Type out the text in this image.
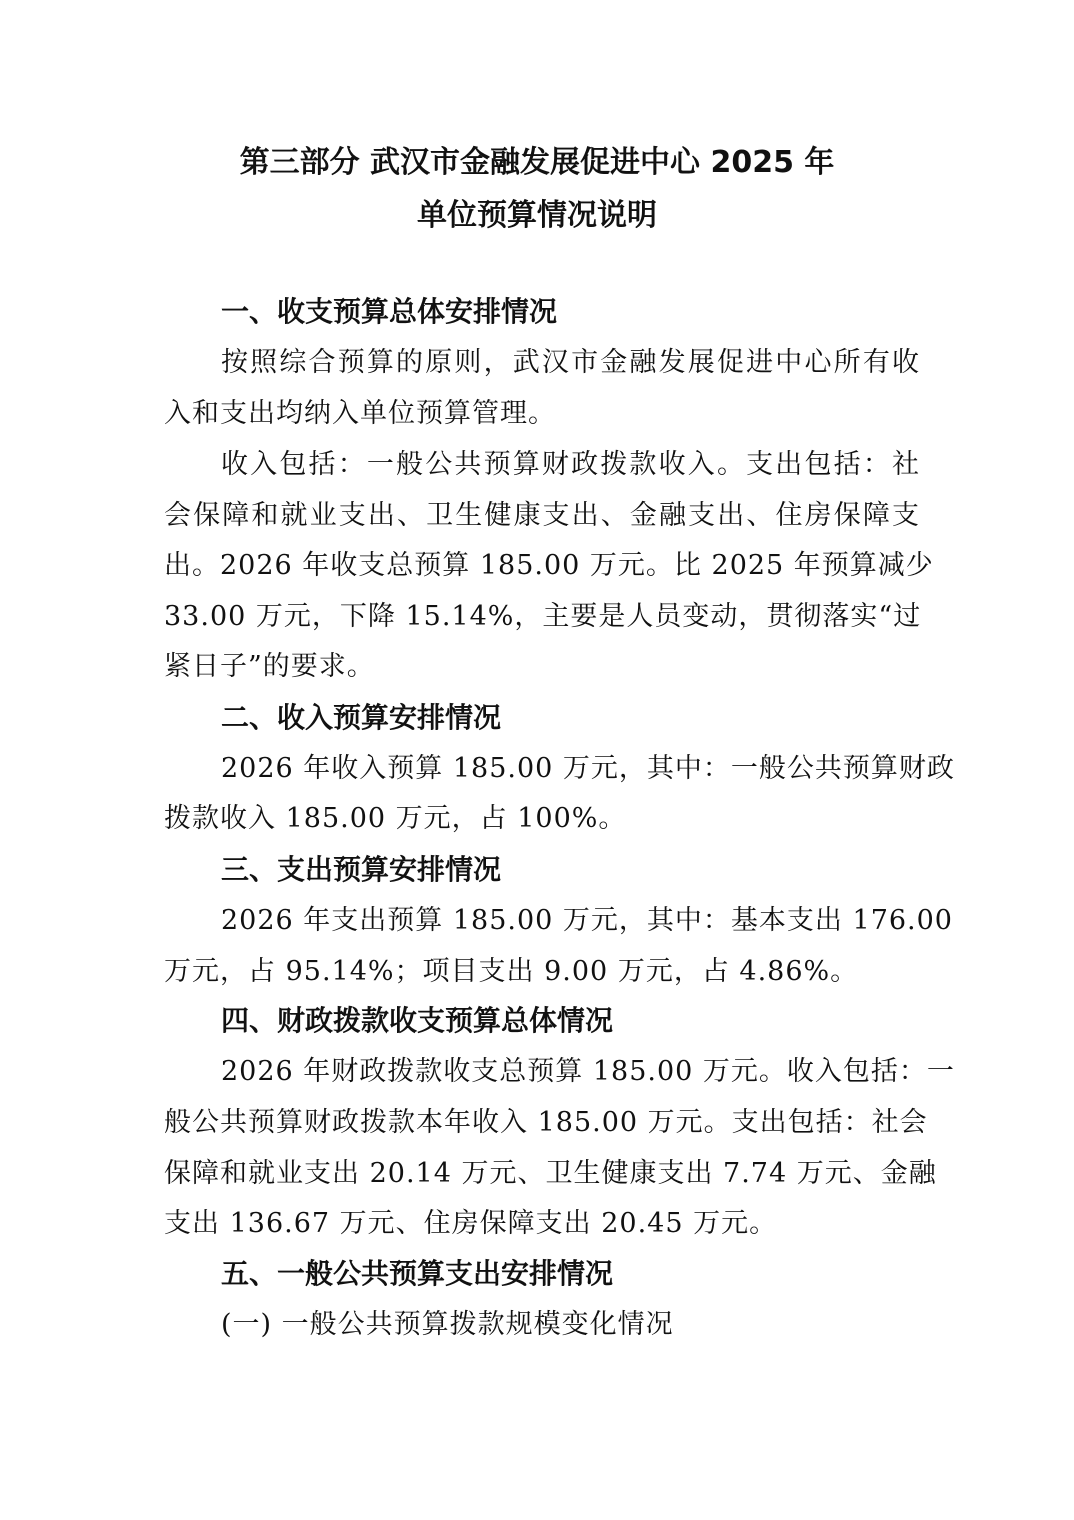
第三部分 武汉市金融发展促进中心 2025 年
单位预算情况说明
一、收支预算总体安排情况
按照综合预算的原则，武汉市金融发展促进中心所有收
入和支出均纳入单位预算管理。
收入包括：一般公共预算财政拨款收入。支出包括：社
会保障和就业支出、卫生健康支出、金融支出、住房保障支
出。2026 年收支总预算 185.00 万元。比 2025 年预算减少
33.00 万元，下降 15.14%，主要是人员变动，贯彻落实“过
紧日子”的要求。
二、收入预算安排情况
2026 年收入预算 185.00 万元，其中：一般公共预算财政
拨款收入 185.00 万元，占 100%。
三、支出预算安排情况
2026 年支出预算 185.00 万元，其中：基本支出 176.00
万元，占 95.14%；项目支出 9.00 万元，占 4.86%。
四、财政拨款收支预算总体情况
2026 年财政拨款收支总预算 185.00 万元。收入包括：一
般公共预算财政拨款本年收入 185.00 万元。支出包括：社会
保障和就业支出 20.14 万元、卫生健康支出 7.74 万元、金融
支出 136.67 万元、住房保障支出 20.45 万元。
五、一般公共预算支出安排情况
(一) 一般公共预算拨款规模变化情况
